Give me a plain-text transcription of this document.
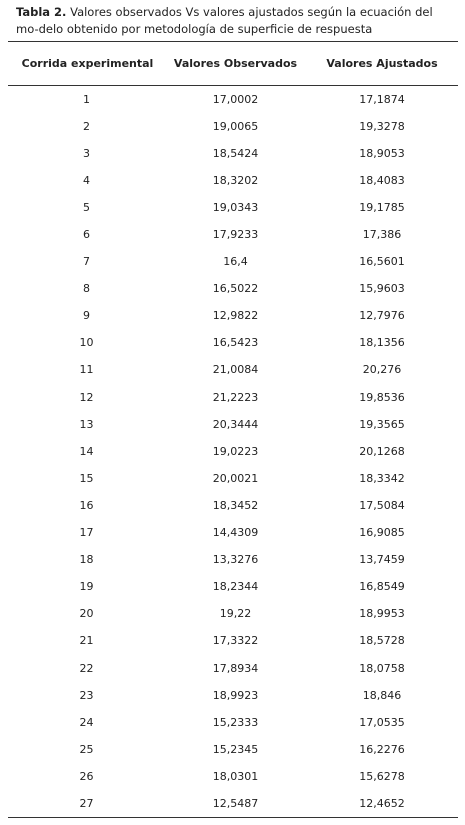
Tabla 2. Valores observados Vs valores ajustados según la ecuación del mo-delo obtenido por metodología de superficie de respuesta
Corrida experimental	Valores Observados	Valores Ajustados
1	17,0002	17,1874
2	19,0065	19,3278
3	18,5424	18,9053
4	18,3202	18,4083
5	19,0343	19,1785
6	17,9233	17,386
7	16,4	16,5601
8	16,5022	15,9603
9	12,9822	12,7976
10	16,5423	18,1356
11	21,0084	20,276
12	21,2223	19,8536
13	20,3444	19,3565
14	19,0223	20,1268
15	20,0021	18,3342
16	18,3452	17,5084
17	14,4309	16,9085
18	13,3276	13,7459
19	18,2344	16,8549
20	19,22	18,9953
21	17,3322	18,5728
22	17,8934	18,0758
23	18,9923	18,846
24	15,2333	17,0535
25	15,2345	16,2276
26	18,0301	15,6278
27	12,5487	12,4652
